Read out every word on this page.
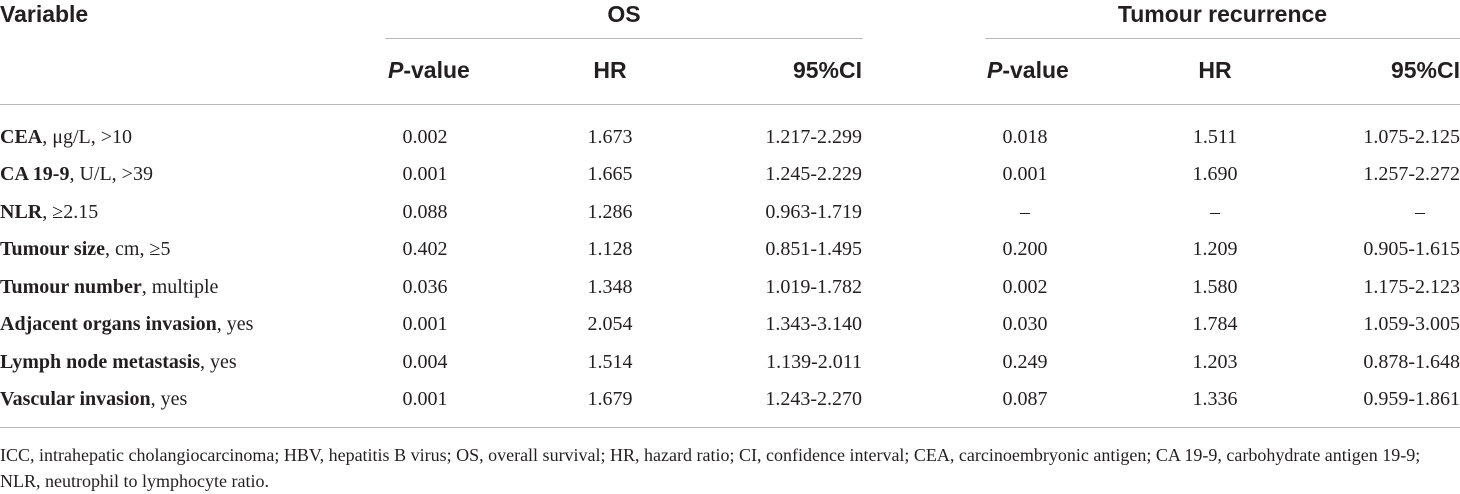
Variable	OS	Tumour recurrence
P-value	HR	95%CI	P-value	HR	95%CI
CEA, μg/L, >10	0.002	1.673	1.217-2.299	0.018	1.511	1.075-2.125
CA 19-9, U/L, >39	0.001	1.665	1.245-2.229	0.001	1.690	1.257-2.272
NLR, ≥2.15	0.088	1.286	0.963-1.719	–	–	–
Tumour size, cm, ≥5	0.402	1.128	0.851-1.495	0.200	1.209	0.905-1.615
Tumour number, multiple	0.036	1.348	1.019-1.782	0.002	1.580	1.175-2.123
Adjacent organs invasion, yes	0.001	2.054	1.343-3.140	0.030	1.784	1.059-3.005
Lymph node metastasis, yes	0.004	1.514	1.139-2.011	0.249	1.203	0.878-1.648
Vascular invasion, yes	0.001	1.679	1.243-2.270	0.087	1.336	0.959-1.861
ICC, intrahepatic cholangiocarcinoma; HBV, hepatitis B virus; OS, overall survival; HR, hazard ratio; CI, confidence interval; CEA, carcinoembryonic antigen; CA 19-9, carbohydrate antigen 19-9; NLR, neutrophil to lymphocyte ratio.
